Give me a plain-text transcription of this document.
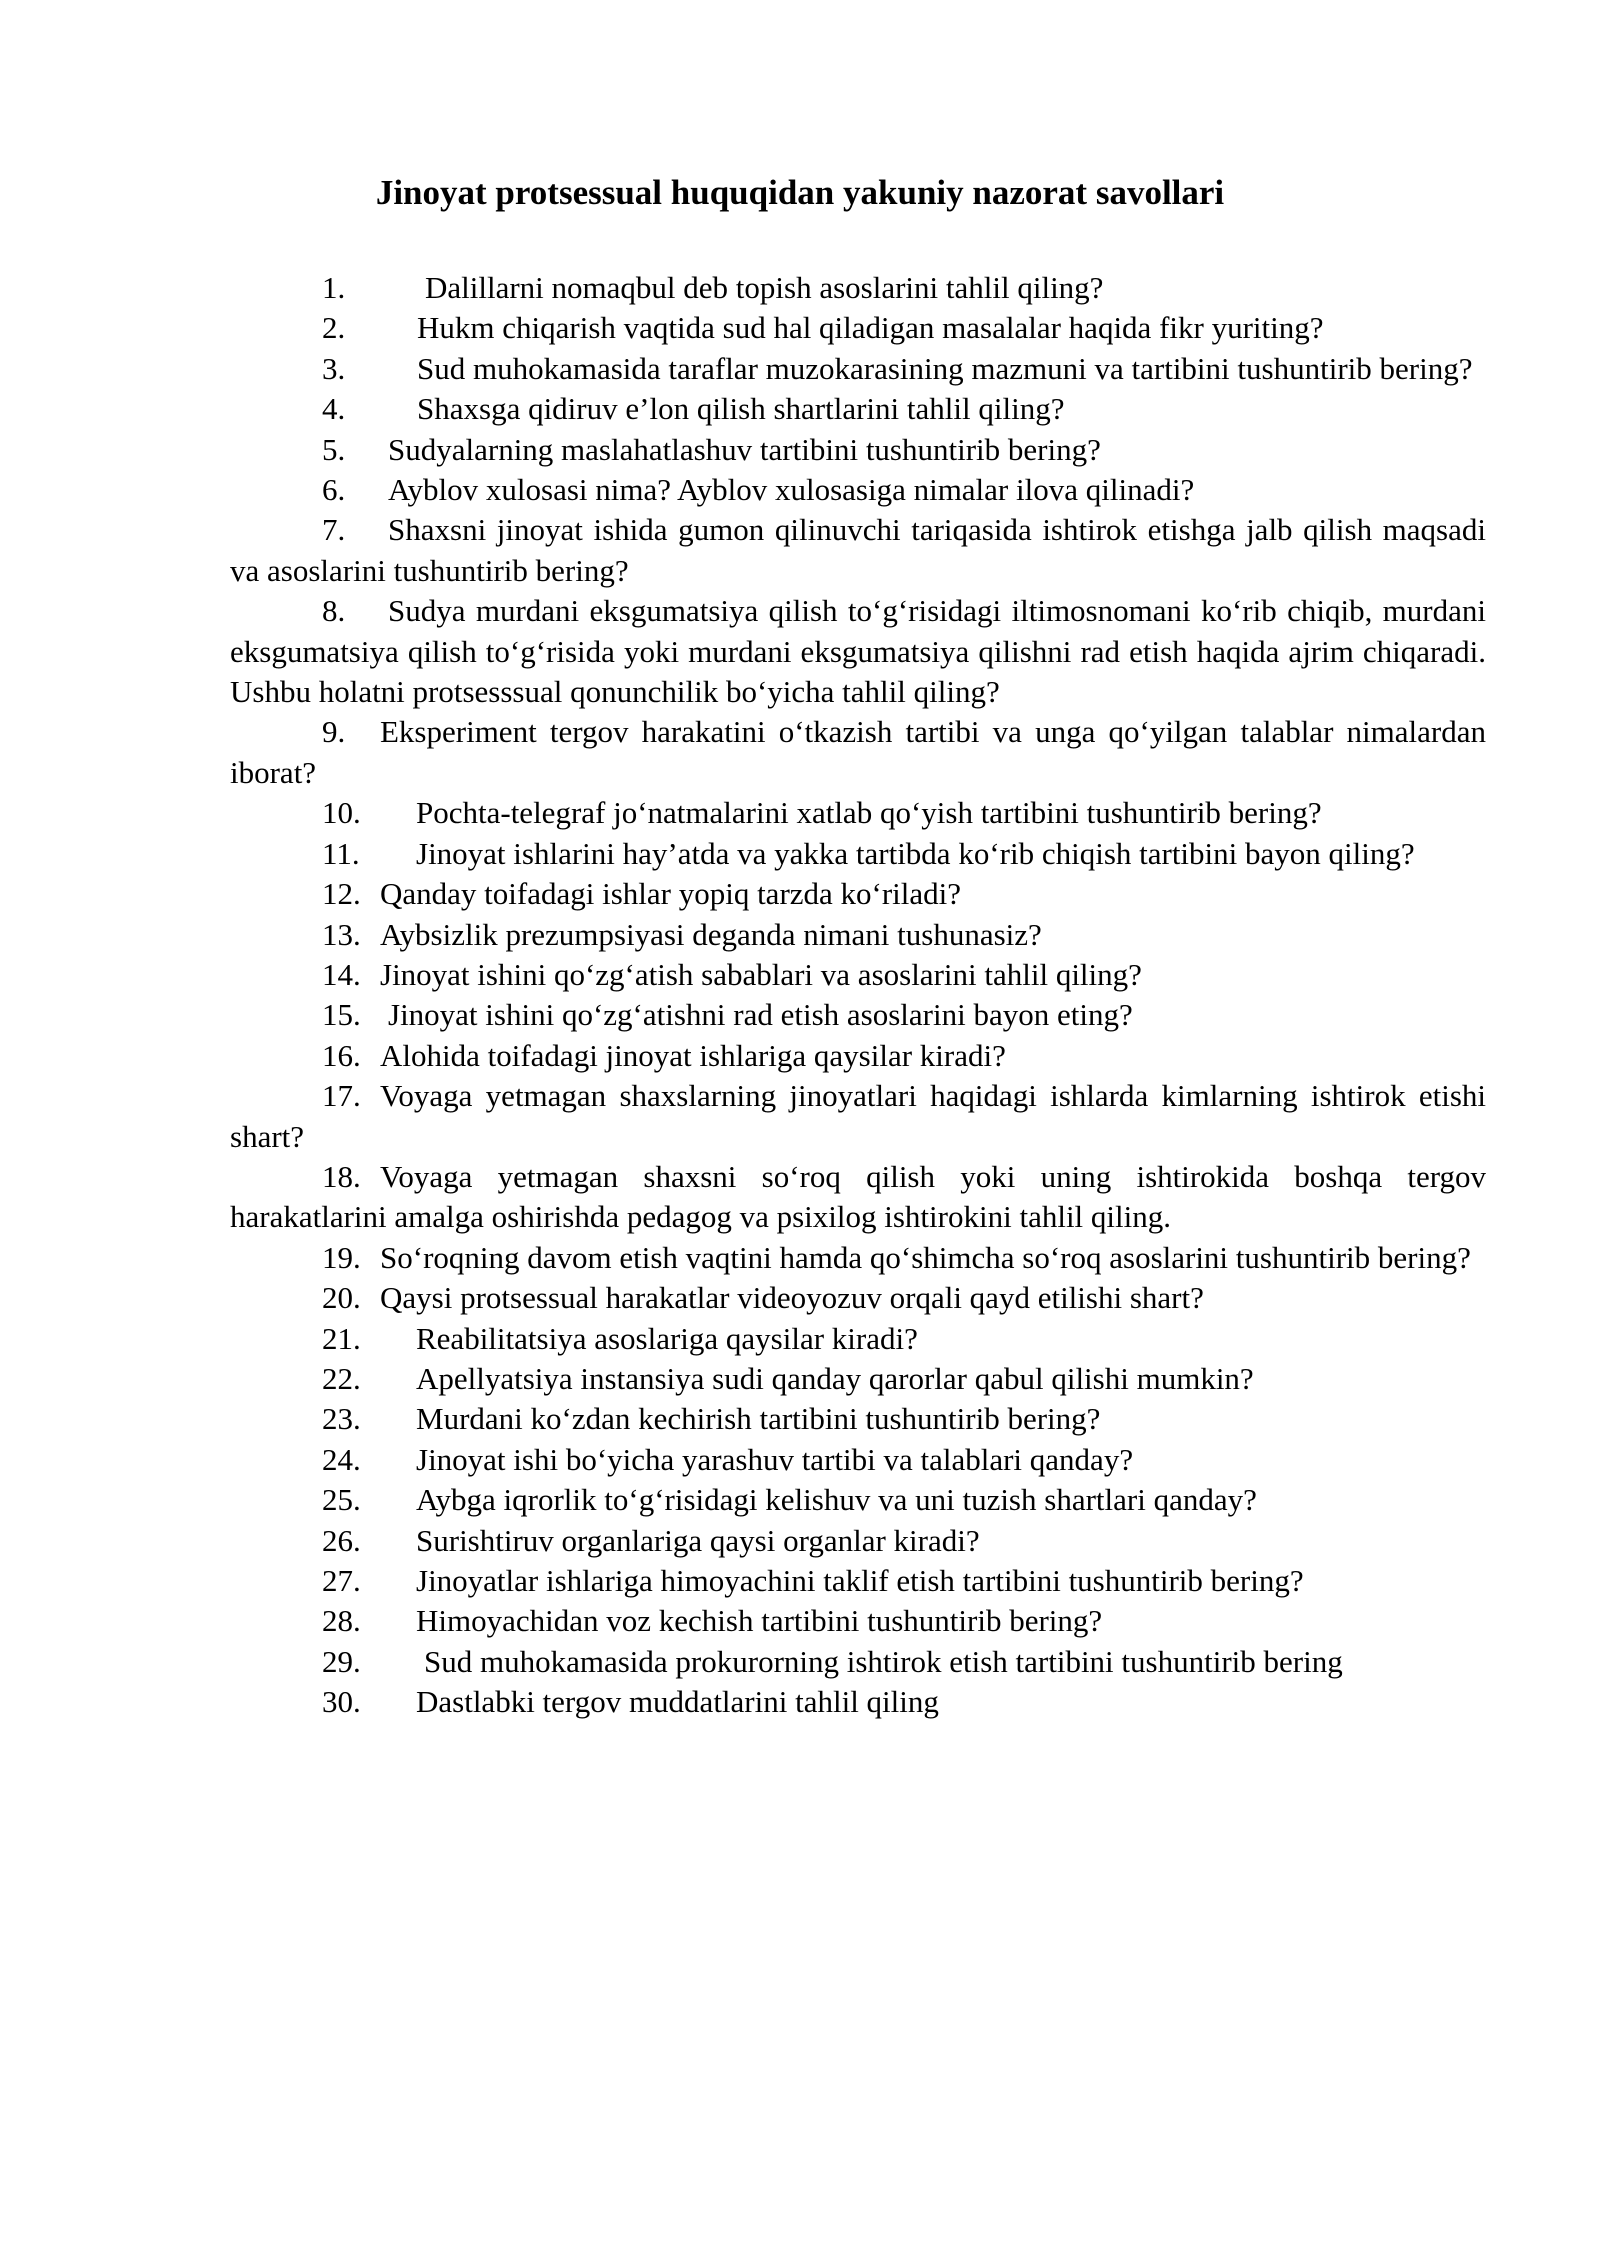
Jinoyat protsessual huquqidan yakuniy nazorat savollari
1.	Dalillarni nomaqbul deb topish asoslarini tahlil qiling?
2. Hukm chiqarish vaqtida sud hal qiladigan masalalar haqida fikr yuriting?
3. Sud muhokamasida taraflar muzokarasining mazmuni va tartibini tushuntirib bering?
4. Shaxsga qidiruv e’lon qilish shartlarini tahlil qiling?
5. Sudyalarning maslahatlashuv tartibini tushuntirib bering?
6. Ayblov xulosasi nima? Ayblov xulosasiga nimalar ilova qilinadi?
7. Shaxsni jinoyat ishida gumon qilinuvchi tariqasida ishtirok etishga jalb qilish maqsadi va asoslarini tushuntirib bering?
8. Sudya murdani eksgumatsiya qilish to‘g‘risidagi iltimosnomani ko‘rib chiqib, murdani eksgumatsiya qilish to‘g‘risida yoki murdani eksgumatsiya qilishni rad etish haqida ajrim chiqaradi. Ushbu holatni protsesssual qonunchilik bo‘yicha tahlil qiling?
9. Eksperiment tergov harakatini o‘tkazish tartibi va unga qo‘yilgan talablar nimalardan iborat?
10. Pochta-telegraf jo‘natmalarini xatlab qo‘yish tartibini tushuntirib bering?
11. Jinoyat ishlarini hay’atda va yakka tartibda ko‘rib chiqish tartibini bayon qiling?
12. Qanday toifadagi ishlar yopiq tarzda ko‘riladi?
13. Aybsizlik prezumpsiyasi deganda nimani tushunasiz?
14. Jinoyat ishini qo‘zg‘atish sabablari va asoslarini tahlil qiling?
15. Jinoyat ishini qo‘zg‘atishni rad etish asoslarini bayon eting?
16. Alohida toifadagi jinoyat ishlariga qaysilar kiradi?
17. Voyaga yetmagan shaxslarning jinoyatlari haqidagi ishlarda kimlarning ishtirok etishi shart?
18. Voyaga yetmagan shaxsni so‘roq qilish yoki uning ishtirokida boshqa tergov harakatlarini amalga oshirishda pedagog va psixilog ishtirokini tahlil qiling.
19. So‘roqning davom etish vaqtini hamda qo‘shimcha so‘roq asoslarini tushuntirib bering?
20. Qaysi protsessual harakatlar videoyozuv orqali qayd etilishi shart?
21. Reabilitatsiya asoslariga qaysilar kiradi?
22. Apellyatsiya instansiya sudi qanday qarorlar qabul qilishi mumkin?
23. Murdani ko‘zdan kechirish tartibini tushuntirib bering?
24. Jinoyat ishi bo‘yicha yarashuv tartibi va talablari qanday?
25. Aybga iqrorlik to‘g‘risidagi kelishuv va uni tuzish shartlari qanday?
26. Surishtiruv organlariga qaysi organlar kiradi?
27. Jinoyatlar ishlariga himoyachini taklif etish tartibini tushuntirib bering?
28. Himoyachidan voz kechish tartibini tushuntirib bering?
29. Sud muhokamasida prokurorning ishtirok etish tartibini tushuntirib bering
30. Dastlabki tergov muddatlarini tahlil qiling
